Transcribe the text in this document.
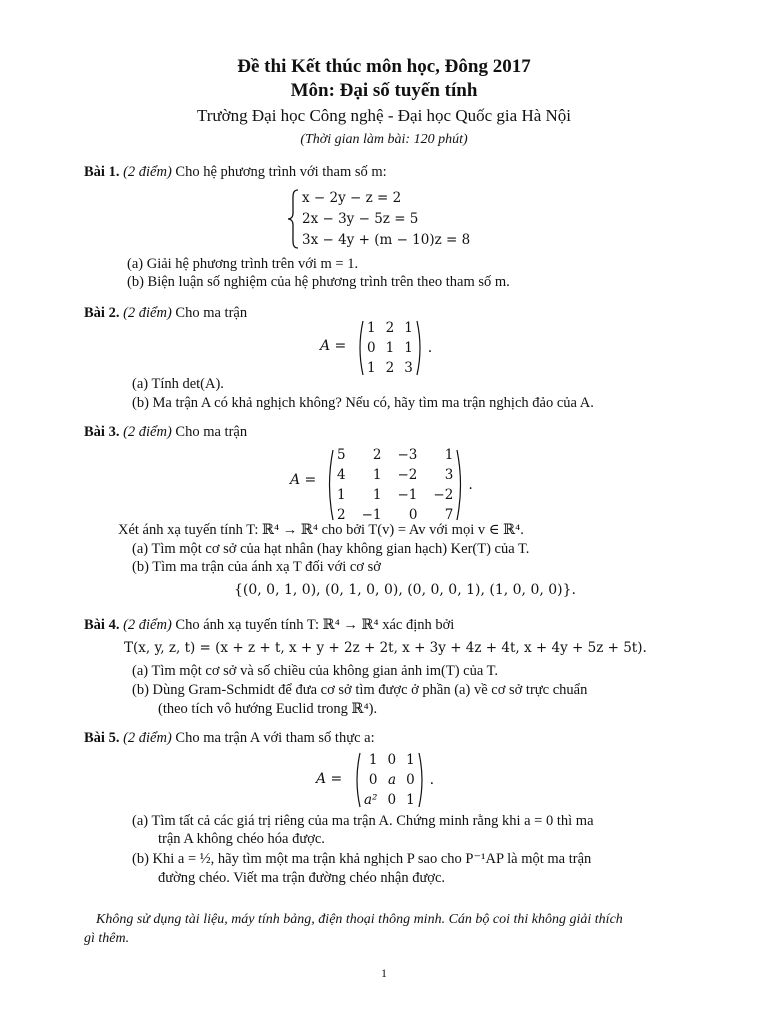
Đề thi Kết thúc môn học, Đông 2017
Môn: Đại số tuyến tính
Trường Đại học Công nghệ - Đại học Quốc gia Hà Nội
(Thời gian làm bài: 120 phút)
Bài 1. (2 điểm) Cho hệ phương trình với tham số m:
x − 2y − z = 2
2x − 3y − 5z = 5
3x − 4y + (m − 10)z = 8
(a) Giải hệ phương trình trên với m = 1.
(b) Biện luận số nghiệm của hệ phương trình trên theo tham số m.
Bài 2. (2 điểm) Cho ma trận
A =
1 2 1
0 1 1
1 2 3
.
(a) Tính det(A).
(b) Ma trận A có khả nghịch không? Nếu có, hãy tìm ma trận nghịch đảo của A.
Bài 3. (2 điểm) Cho ma trận
A =
5	2 −3	1
4	1 −2	3
1	1 −1 −2
2 −1	0	7
.
Xét ánh xạ tuyến tính T: ℝ⁴ → ℝ⁴ cho bởi T(v) = Av với mọi v ∈ ℝ⁴.
(a) Tìm một cơ sở của hạt nhân (hay không gian hạch) Ker(T) của T.
(b) Tìm ma trận của ánh xạ T đối với cơ sở
{(0, 0, 1, 0), (0, 1, 0, 0), (0, 0, 0, 1), (1, 0, 0, 0)}.
Bài 4. (2 điểm) Cho ánh xạ tuyến tính T: ℝ⁴ → ℝ⁴ xác định bởi
T(x, y, z, t) = (x + z + t, x + y + 2z + 2t, x + 3y + 4z + 4t, x + 4y + 5z + 5t).
(a) Tìm một cơ sở và số chiều của không gian ảnh im(T) của T.
(b) Dùng Gram-Schmidt để đưa cơ sở tìm được ở phần (a) về cơ sở trực chuẩn
(theo tích vô hướng Euclid trong ℝ⁴).
Bài 5. (2 điểm) Cho ma trận A với tham số thực a:
A =
1 0 1
0 a 0
a² 0 1
.
(a) Tìm tất cả các giá trị riêng của ma trận A. Chứng minh rằng khi a = 0 thì ma
trận A không chéo hóa được.
(b) Khi a = ½, hãy tìm một ma trận khả nghịch P sao cho P⁻¹AP là một ma trận
đường chéo. Viết ma trận đường chéo nhận được.
Không sử dụng tài liệu, máy tính bảng, điện thoại thông minh. Cán bộ coi thi không giải thích
gì thêm.
1
